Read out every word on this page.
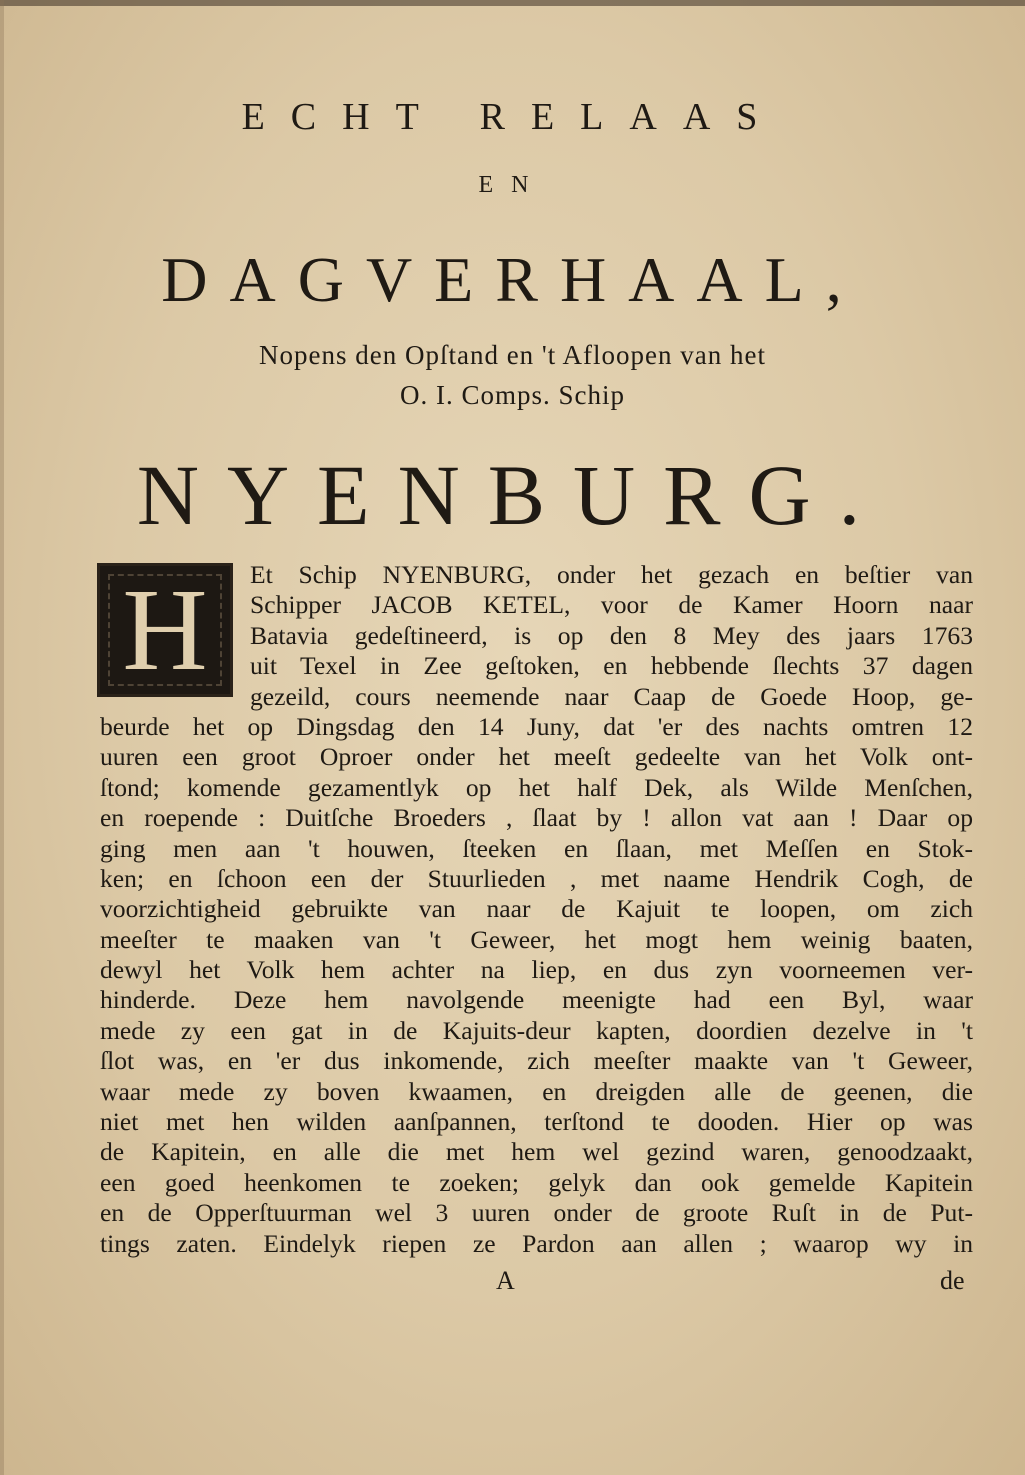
ECHT RELAAS
EN
DAGVERHAAL,
Nopens den Opſtand en 't Afloopen van het
O. I. Comps. Schip
NYENBURG.
H	Et Schip NYENBURG, onder het gezach en beſtier van
Schipper JACOB KETEL, voor de Kamer Hoorn naar
Batavia gedeſtineerd, is op den 8 Mey des jaars 1763
uit Texel in Zee geſtoken, en hebbende ſlechts 37 dagen
gezeild, cours neemende naar Caap de Goede Hoop, ge-
beurde het op Dingsdag den 14 Juny, dat 'er des nachts omtren 12
uuren een groot Oproer onder het meeſt gedeelte van het Volk ont-
ſtond; komende gezamentlyk op het half Dek, als Wilde Menſchen,
en roepende : Duitſche Broeders , ſlaat by ! allon vat aan ! Daar op
ging men aan 't houwen, ſteeken en ſlaan, met Meſſen en Stok-
ken; en ſchoon een der Stuurlieden , met naame Hendrik Cogh, de
voorzichtigheid gebruikte van naar de Kajuit te loopen, om zich
meeſter te maaken van 't Geweer, het mogt hem weinig baaten,
dewyl het Volk hem achter na liep, en dus zyn voorneemen ver-
hinderde. Deze hem navolgende meenigte had een Byl, waar
mede zy een gat in de Kajuits-deur kapten, doordien dezelve in 't
ſlot was, en 'er dus inkomende, zich meeſter maakte van 't Geweer,
waar mede zy boven kwaamen, en dreigden alle de geenen, die
niet met hen wilden aanſpannen, terſtond te dooden. Hier op was
de Kapitein, en alle die met hem wel gezind waren, genoodzaakt,
een goed heenkomen te zoeken; gelyk dan ook gemelde Kapitein
en de Opperſtuurman wel 3 uuren onder de groote Ruſt in de Put-
tings zaten. Eindelyk riepen ze Pardon aan allen ; waarop wy in
A	de
